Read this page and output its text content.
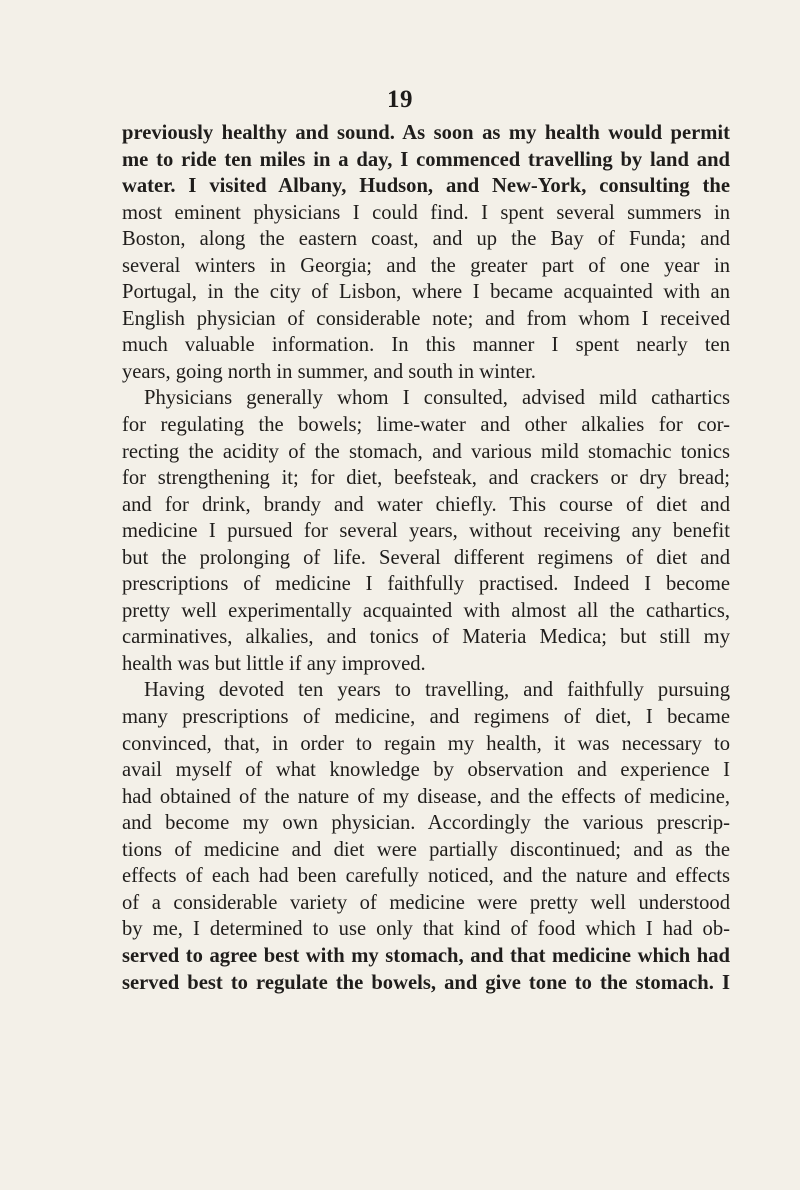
19
previously healthy and sound. As soon as my health would permit
me to ride ten miles in a day, I commenced travelling by land and
water. I visited Albany, Hudson, and New-York, consulting the
most eminent physicians I could find. I spent several summers in
Boston, along the eastern coast, and up the Bay of Funda; and
several winters in Georgia; and the greater part of one year in
Portugal, in the city of Lisbon, where I became acquainted with an
English physician of considerable note; and from whom I received
much valuable information. In this manner I spent nearly ten
years, going north in summer, and south in winter.
Physicians generally whom I consulted, advised mild cathartics
for regulating the bowels; lime-water and other alkalies for cor-
recting the acidity of the stomach, and various mild stomachic tonics
for strengthening it; for diet, beefsteak, and crackers or dry bread;
and for drink, brandy and water chiefly. This course of diet and
medicine I pursued for several years, without receiving any benefit
but the prolonging of life. Several different regimens of diet and
prescriptions of medicine I faithfully practised. Indeed I become
pretty well experimentally acquainted with almost all the cathartics,
carminatives, alkalies, and tonics of Materia Medica; but still my
health was but little if any improved.
Having devoted ten years to travelling, and faithfully pursuing
many prescriptions of medicine, and regimens of diet, I became
convinced, that, in order to regain my health, it was necessary to
avail myself of what knowledge by observation and experience I
had obtained of the nature of my disease, and the effects of medicine,
and become my own physician. Accordingly the various prescrip-
tions of medicine and diet were partially discontinued; and as the
effects of each had been carefully noticed, and the nature and effects
of a considerable variety of medicine were pretty well understood
by me, I determined to use only that kind of food which I had ob-
served to agree best with my stomach, and that medicine which had
served best to regulate the bowels, and give tone to the stomach. I
